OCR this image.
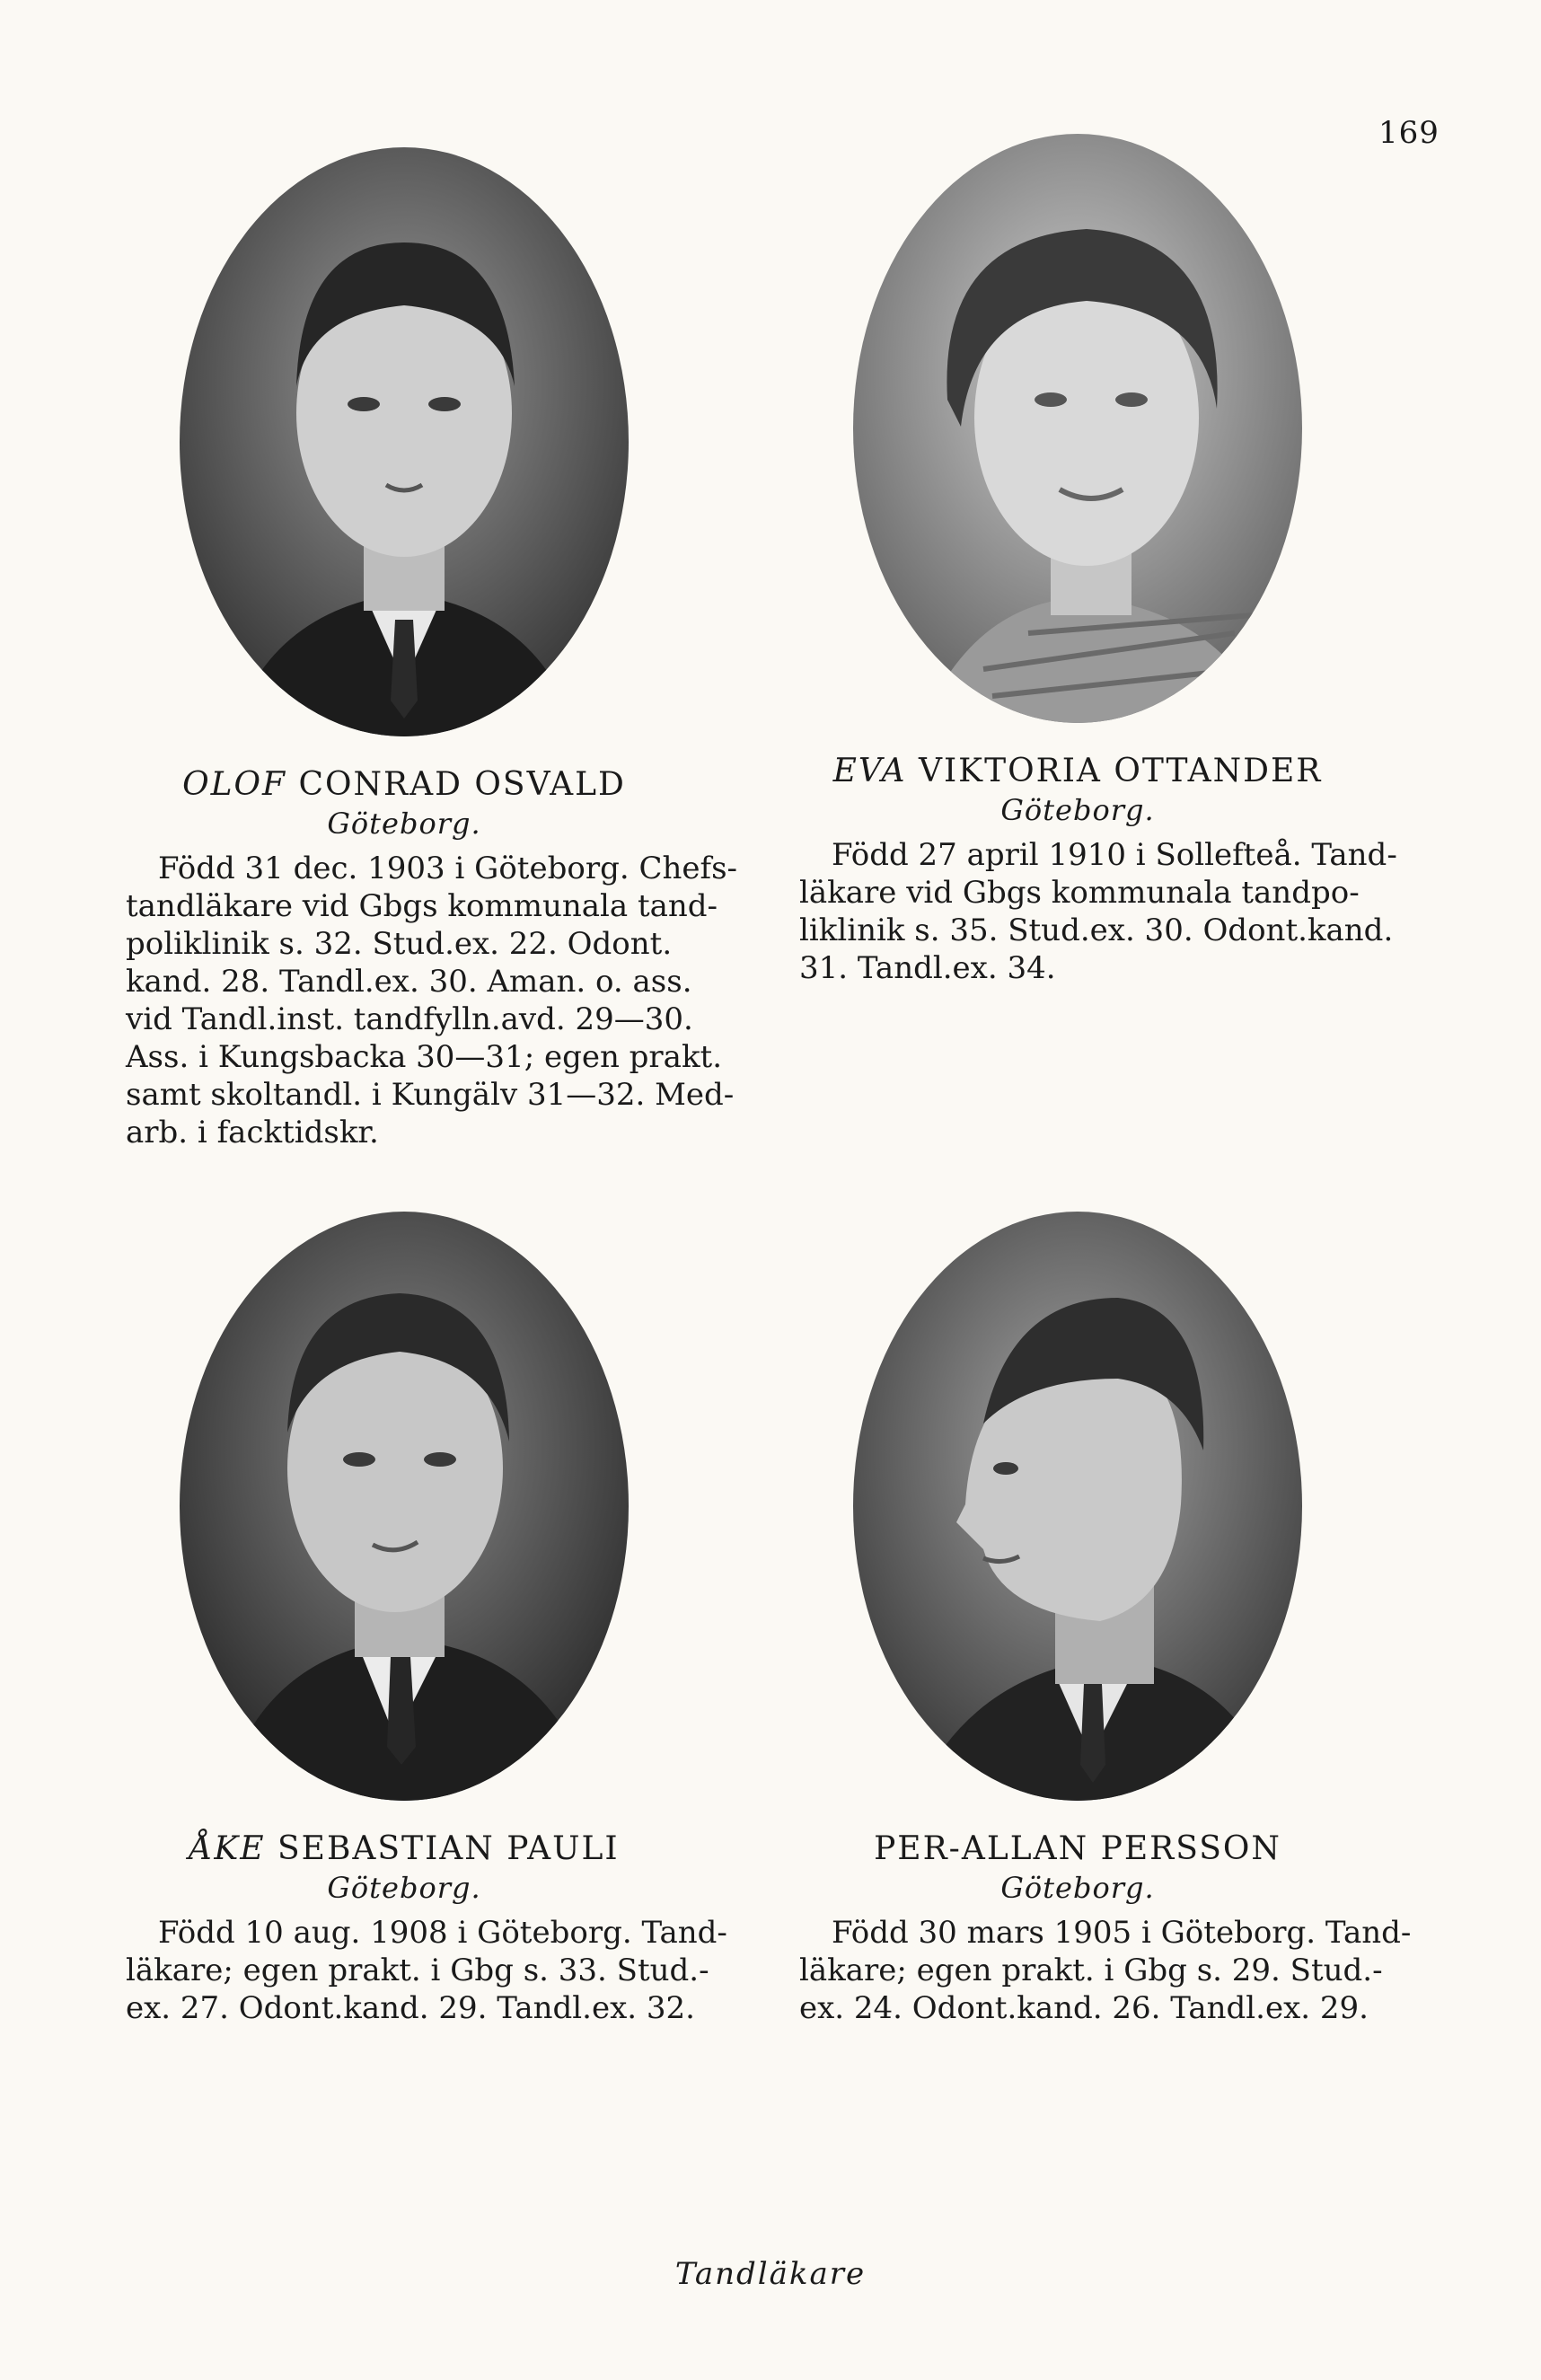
169
OLOF CONRAD OSVALD
Göteborg.
Född 31 dec. 1903 i Göteborg. Chefs-
tandläkare vid Gbgs kommunala tand-
poliklinik s. 32. Stud.ex. 22. Odont.
kand. 28. Tandl.ex. 30. Aman. o. ass.
vid Tandl.inst. tandfylln.avd. 29—30.
Ass. i Kungsbacka 30—31; egen prakt.
samt skoltandl. i Kungälv 31—32. Med-
arb. i facktidskr.
EVA VIKTORIA OTTANDER
Göteborg.
Född 27 april 1910 i Sollefteå. Tand-
läkare vid Gbgs kommunala tandpo-
liklinik s. 35. Stud.ex. 30. Odont.kand.
31. Tandl.ex. 34.
ÅKE SEBASTIAN PAULI
Göteborg.
Född 10 aug. 1908 i Göteborg. Tand-
läkare; egen prakt. i Gbg s. 33. Stud.-
ex. 27. Odont.kand. 29. Tandl.ex. 32.
PER-ALLAN PERSSON
Göteborg.
Född 30 mars 1905 i Göteborg. Tand-
läkare; egen prakt. i Gbg s. 29. Stud.-
ex. 24. Odont.kand. 26. Tandl.ex. 29.
Tandläkare
